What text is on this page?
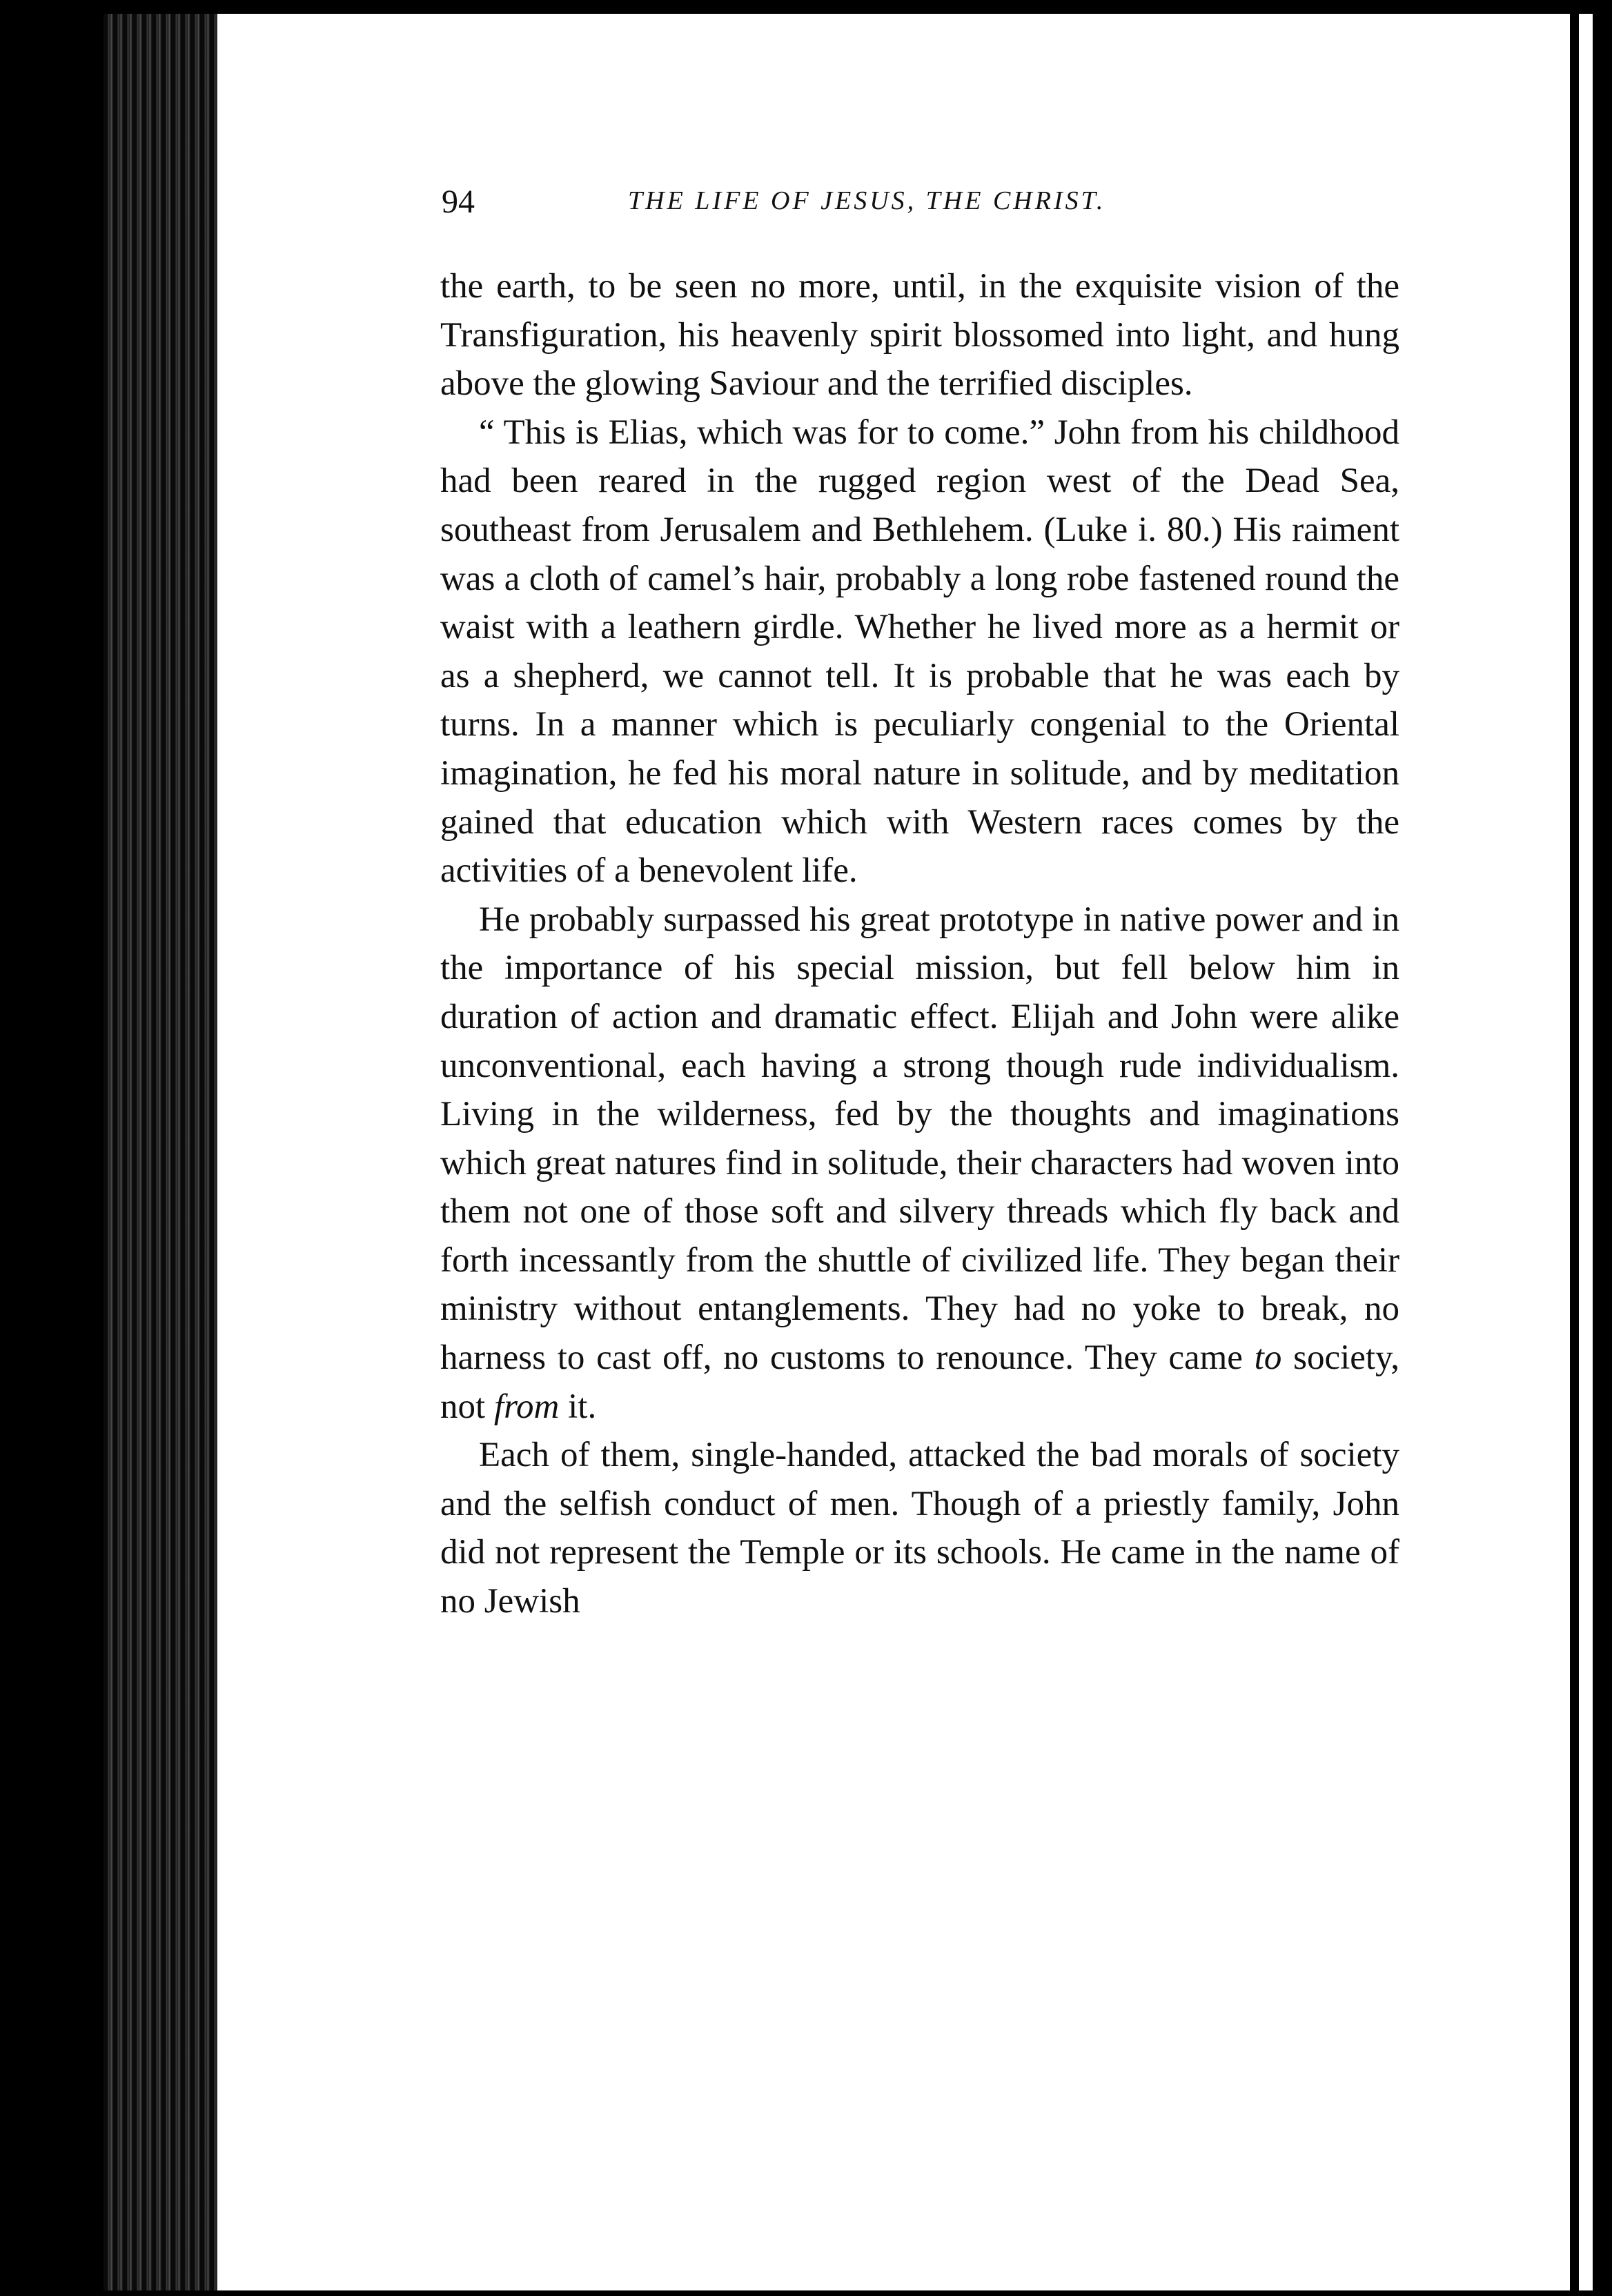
94	THE LIFE OF JESUS, THE CHRIST.

the earth, to be seen no more, until, in the exquisite vision of the Transfiguration, his heavenly spirit blossomed into light, and hung above the glowing Saviour and the terrified disciples.

“ This is Elias, which was for to come.” John from his childhood had been reared in the rugged region west of the Dead Sea, southeast from Jerusalem and Bethlehem. (Luke i. 80.) His raiment was a cloth of camel’s hair, probably a long robe fastened round the waist with a leathern girdle. Whether he lived more as a hermit or as a shepherd, we cannot tell. It is probable that he was each by turns. In a manner which is peculiarly congenial to the Oriental imagination, he fed his moral nature in solitude, and by meditation gained that education which with Western races comes by the activities of a benevolent life.

He probably surpassed his great prototype in native power and in the importance of his special mission, but fell below him in duration of action and dramatic effect. Elijah and John were alike unconventional, each having a strong though rude individualism. Living in the wilderness, fed by the thoughts and imaginations which great natures find in solitude, their characters had woven into them not one of those soft and silvery threads which fly back and forth incessantly from the shuttle of civilized life. They began their ministry without entanglements. They had no yoke to break, no harness to cast off, no customs to renounce. They came to society, not from it.

Each of them, single-handed, attacked the bad morals of society and the selfish conduct of men. Though of a priestly family, John did not represent the Temple or its schools. He came in the name of no Jewish
